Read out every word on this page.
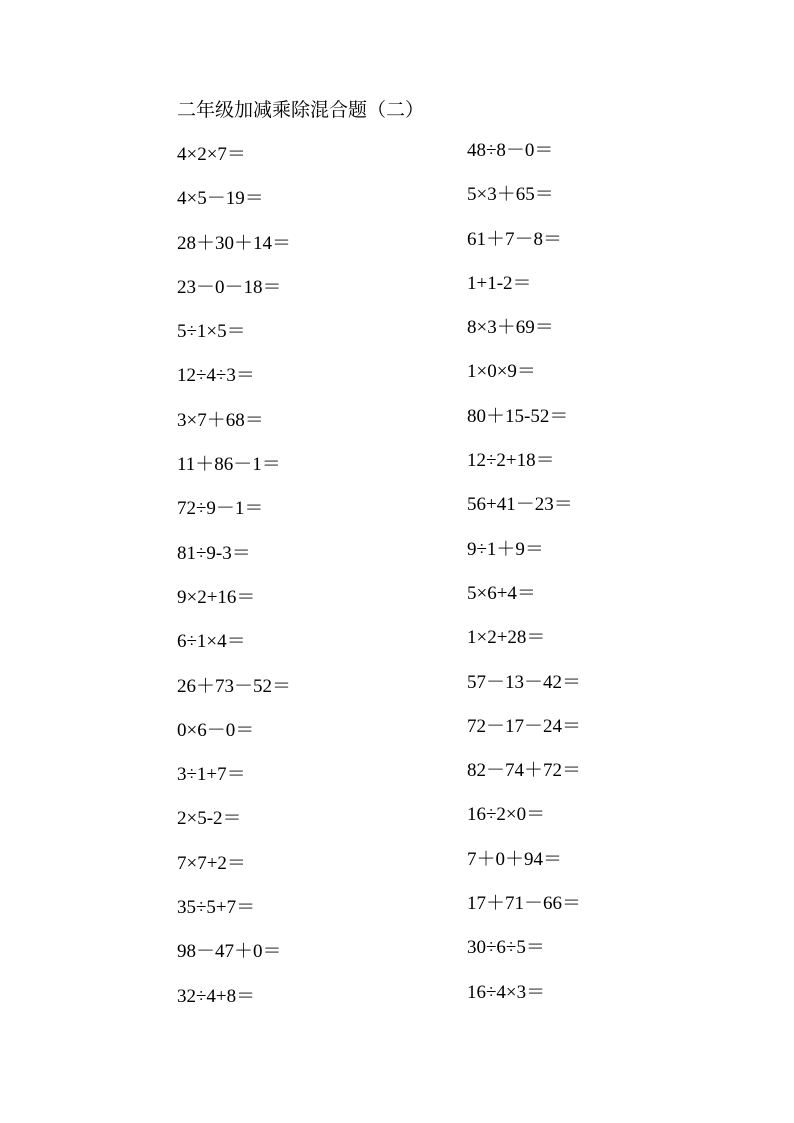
二年级加减乘除混合题（二）
4×2×7＝
4×5－19＝
28＋30＋14＝
23－0－18＝
5÷1×5＝
12÷4÷3＝
3×7＋68＝
11＋86－1＝
72÷9－1＝
81÷9-3＝
9×2+16＝
6÷1×4＝
26＋73－52＝
0×6－0＝
3÷1+7＝
2×5-2＝
7×7+2＝
35÷5+7＝
98－47＋0＝
32÷4+8＝
48÷8－0＝
5×3＋65＝
61＋7－8＝
1+1-2＝
8×3＋69＝
1×0×9＝
80＋15-52＝
12÷2+18＝
56+41－23＝
9÷1＋9＝
5×6+4＝
1×2+28＝
57－13－42＝
72－17－24＝
82－74＋72＝
16÷2×0＝
7＋0＋94＝
17＋71－66＝
30÷6÷5＝
16÷4×3＝
